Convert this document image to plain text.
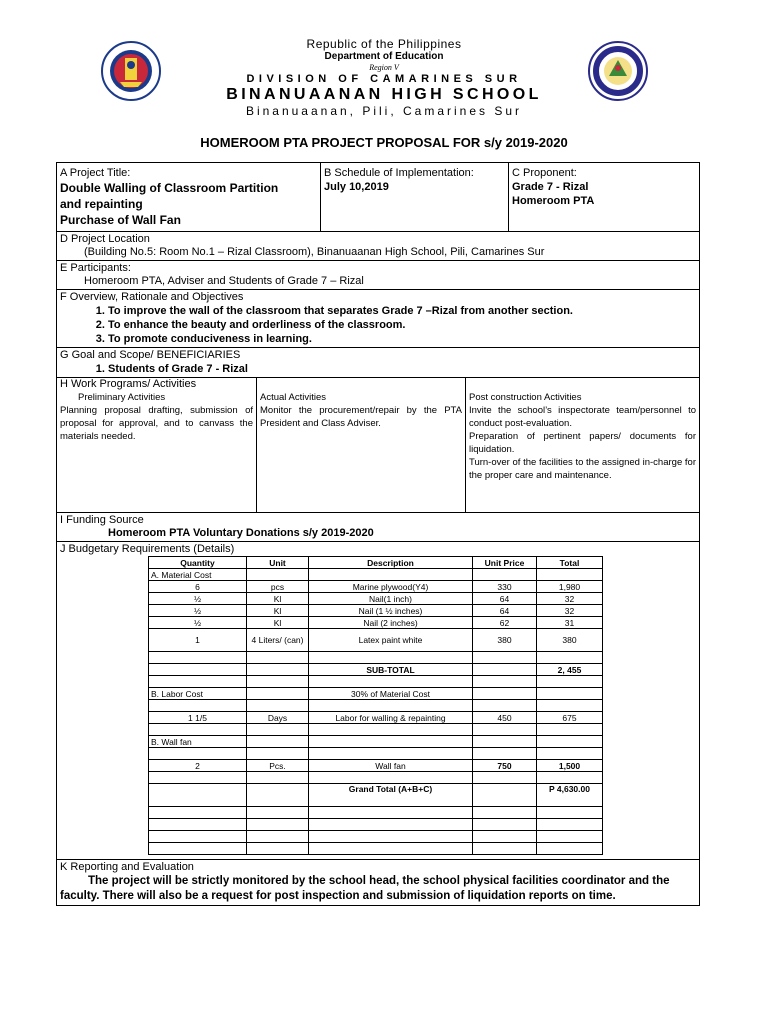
Republic of the Philippines
Department of Education
Region V
DIVISION OF CAMARINES SUR
BINANUAANAN HIGH SCHOOL
Binanuaanan, Pili, Camarines Sur
HOMEROOM PTA PROJECT PROPOSAL FOR s/y 2019-2020
A Project Title:
Double Walling of Classroom Partition
and repainting
Purchase of Wall Fan
B Schedule of Implementation:
July 10,2019
C Proponent:
Grade 7 - Rizal
Homeroom PTA
D Project Location
(Building No.5: Room No.1 – Rizal Classroom), Binanuaanan High School, Pili, Camarines Sur
E Participants:
Homeroom PTA, Adviser and Students of Grade 7 – Rizal
F Overview, Rationale and Objectives
1. To improve the wall of the classroom that separates Grade 7 –Rizal from another section.
2. To enhance the beauty and orderliness of the classroom.
3. To promote conduciveness in learning.
G Goal and Scope/ BENEFICIARIES
1. Students of Grade 7 - Rizal
H Work Programs/ Activities
Preliminary Activities
Planning proposal drafting, submission of proposal for approval, and to canvass the materials needed.
Actual Activities
Monitor the procurement/repair by the PTA President and Class Adviser.
Post construction Activities
Invite the school’s inspectorate team/personnel to conduct post-evaluation.
Preparation of pertinent papers/ documents for liquidation.
Turn-over of the facilities to the assigned in-charge for the proper care and maintenance.
I Funding Source
Homeroom PTA Voluntary Donations s/y 2019-2020
J Budgetary Requirements (Details)
Quantity	Unit	Description	Unit Price	Total
A. Material Cost				
6	pcs	Marine plywood(Y4)	330	1,980
½	Kl	Nail(1 inch)	64	32
½	Kl	Nail (1 ½ inches)	64	32
½	Kl	Nail (2 inches)	62	31
1	4 Liters/ (can)	Latex paint white	380	380

		SUB-TOTAL		2, 455

B. Labor Cost		30% of Material Cost		

1 1/5	Days	Labor for walling & repainting	450	675

B. Wall fan				

2	Pcs.	Wall fan	750	1,500

		Grand Total (A+B+C)		P 4,630.00

K Reporting and Evaluation
The project will be strictly monitored by the school head, the school physical facilities coordinator and the faculty. There will also be a request for post inspection and submission of liquidation reports on time.
